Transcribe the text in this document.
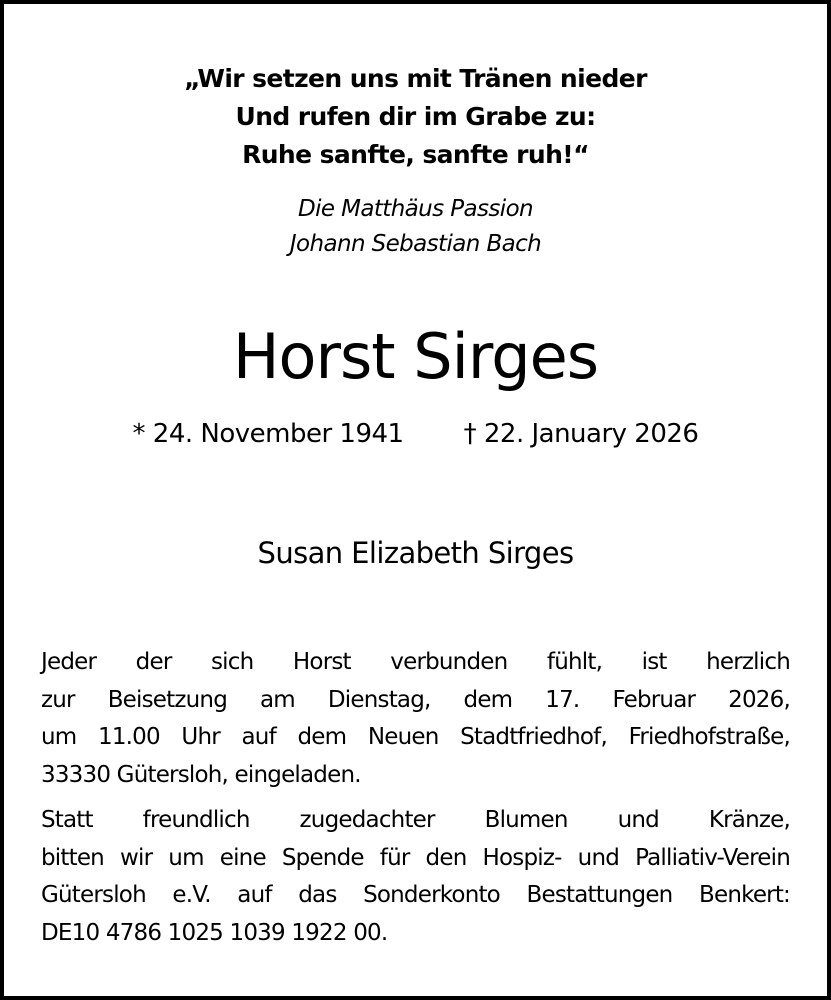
„Wir setzen uns mit Tränen nieder
Und rufen dir im Grabe zu:
Ruhe sanfte, sanfte ruh!“
Die Matthäus Passion
Johann Sebastian Bach
Horst Sirges
* 24. November 1941 † 22. January 2026
Susan Elizabeth Sirges

Jeder der sich Horst verbunden fühlt, ist herzlich
zur Beisetzung am Dienstag, dem 17. Februar 2026,
um 11.00 Uhr auf dem Neuen Stadtfriedhof, Friedhofstraße,
33330 Gütersloh, eingeladen.

Statt freundlich zugedachter Blumen und Kränze,
bitten wir um eine Spende für den Hospiz- und Palliativ-Verein
Gütersloh e.V. auf das Sonderkonto Bestattungen Benkert:
DE10 4786 1025 1039 1922 00.
